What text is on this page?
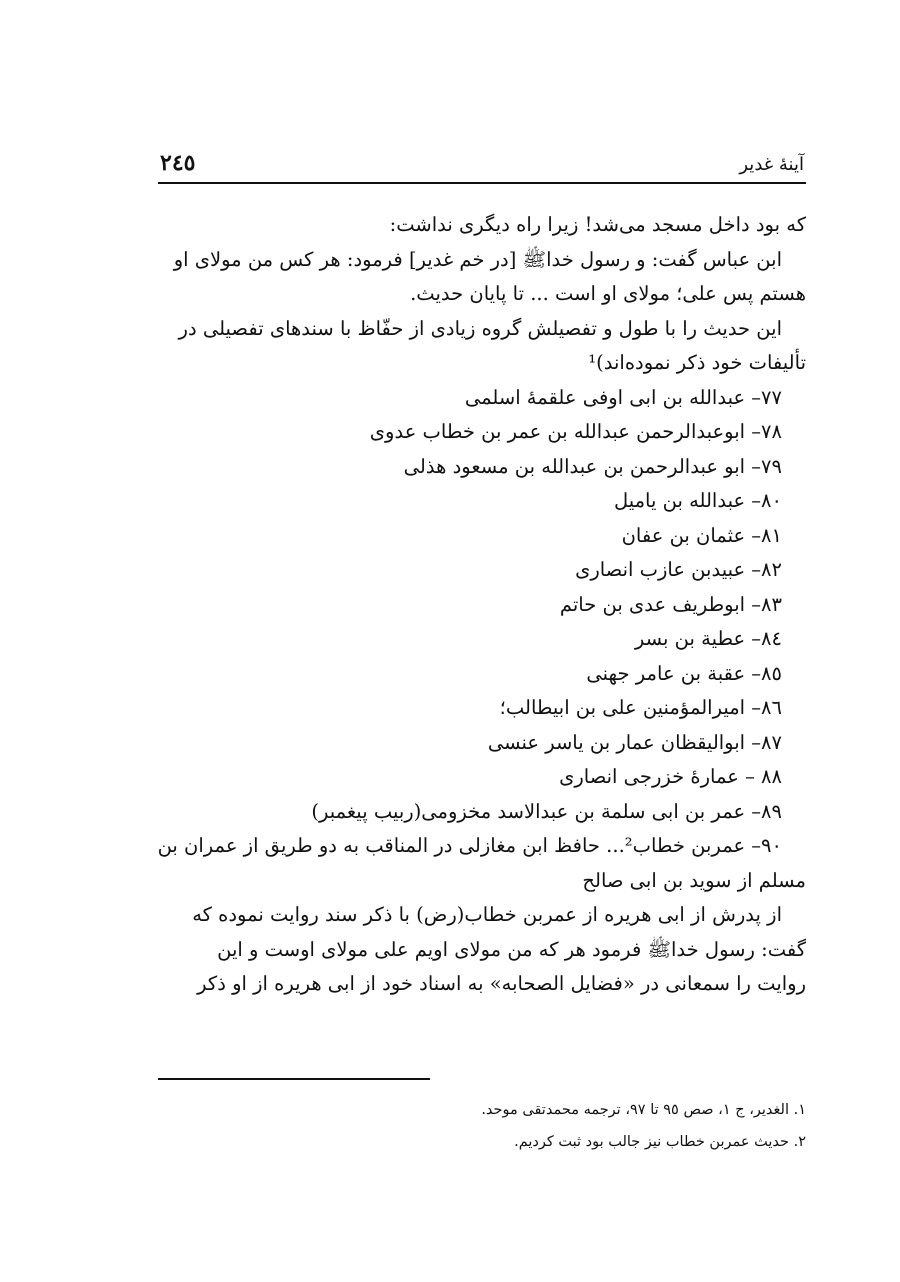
آینهٔ غدیر
٢٤٥

که بود داخل مسجد می‌شد! زیرا راه دیگری نداشت:

ابن عباس گفت: و رسول خداﷺ [در خم غدیر] فرمود: هر کس من مولای او

هستم پس علی؛ مولای او است ... تا پایان حدیث.

این حدیث را با طول و تفصیلش گروه زیادی از حفّاظ با سندهای تفصیلی در

تألیفات خود ذکر نموده‌اند)¹

٧٧– عبدالله بن ابی اوفی علقمهٔ اسلمی

٧٨– ابوعبدالرحمن عبدالله بن عمر بن خطاب عدوی

٧٩– ابو عبدالرحمن بن عبدالله بن مسعود هذلی

٨٠– عبدالله بن یامیل

٨١– عثمان بن عفان

٨٢– عبیدبن عازب انصاری

٨٣– ابوطریف عدی بن حاتم

٨٤– عطیة بن بسر

٨٥– عقبة بن عامر جهنی

٨٦– امیرالمؤمنین علی بن ابیطالب؛

٨٧– ابوالیقظان عمار بن یاسر عنسی

٨٨ – عمارهٔ خزرجی انصاری

٨٩– عمر بن ابی سلمة بن عبدالاسد مخزومی(ربیب پیغمبر)

٩٠– عمربن خطاب²... حافظ ابن مغازلی در المناقب به دو طریق از عمران بن

مسلم از سوید بن ابی صالح

از پدرش از ابی هریره از عمربن خطاب(رض) با ذکر سند روایت نموده که

گفت: رسول خداﷺ فرمود هر که من مولای اویم علی مولای اوست و این

روایت را سمعانی در «فضایل الصحابه» به اسناد خود از ابی هریره از او ذکر

١. الغدیر، ج ١، صص ٩٥ تا ٩٧، ترجمه محمدتقی موحد.

٢. حدیث عمربن خطاب نیز جالب بود ثبت کردیم.
